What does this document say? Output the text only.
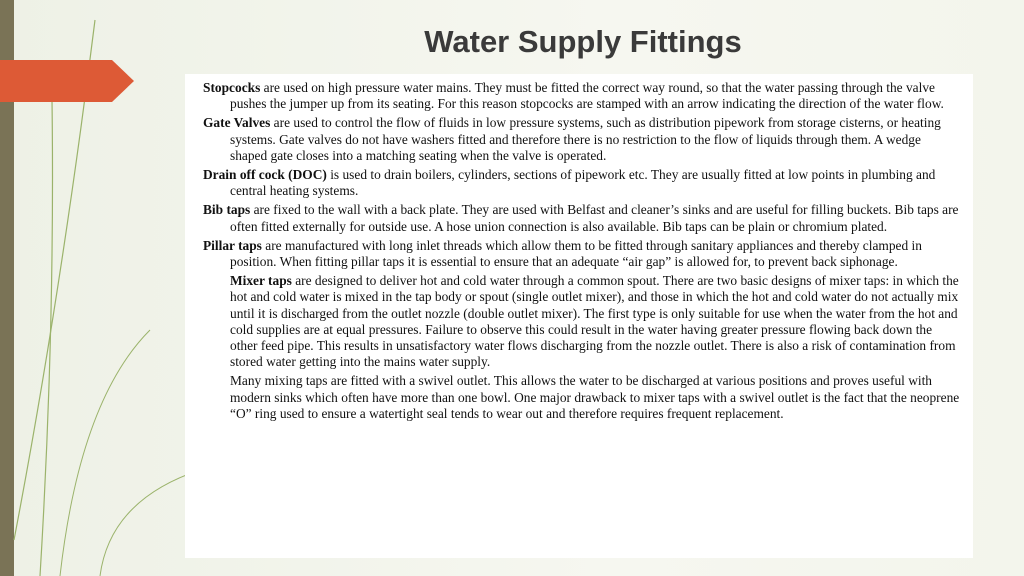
Water Supply Fittings

Stopcocks are used on high pressure water mains. They must be fitted the correct way round, so that the water passing through the valve pushes the jumper up from its seating. For this reason stopcocks are stamped with an arrow indicating the direction of the water flow.

Gate Valves are used to control the flow of fluids in low pressure systems, such as distribution pipework from storage cisterns, or heating systems. Gate valves do not have washers fitted and therefore there is no restriction to the flow of liquids through them. A wedge shaped gate closes into a matching seating when the valve is operated.

Drain off cock (DOC) is used to drain boilers, cylinders, sections of pipework etc. They are usually fitted at low points in plumbing and central heating systems.

Bib taps are fixed to the wall with a back plate. They are used with Belfast and cleaner’s sinks and are useful for filling buckets. Bib taps are often fitted externally for outside use. A hose union connection is also available. Bib taps can be plain or chromium plated.

Pillar taps are manufactured with long inlet threads which allow them to be fitted through sanitary appliances and thereby clamped in position. When fitting pillar taps it is essential to ensure that an adequate “air gap” is allowed for, to prevent back siphonage.

Mixer taps are designed to deliver hot and cold water through a common spout. There are two basic designs of mixer taps: in which the hot and cold water is mixed in the tap body or spout (single outlet mixer), and those in which the hot and cold water do not actually mix until it is discharged from the outlet nozzle (double outlet mixer). The first type is only suitable for use when the water from the hot and cold supplies are at equal pressures. Failure to observe this could result in the water having greater pressure flowing back down the other feed pipe. This results in unsatisfactory water flows discharging from the nozzle outlet. There is also a risk of contamination from stored water getting into the mains water supply.

Many mixing taps are fitted with a swivel outlet. This allows the water to be discharged at various positions and proves useful with modern sinks which often have more than one bowl. One major drawback to mixer taps with a swivel outlet is the fact that the neoprene “O” ring used to ensure a watertight seal tends to wear out and therefore requires frequent replacement.
